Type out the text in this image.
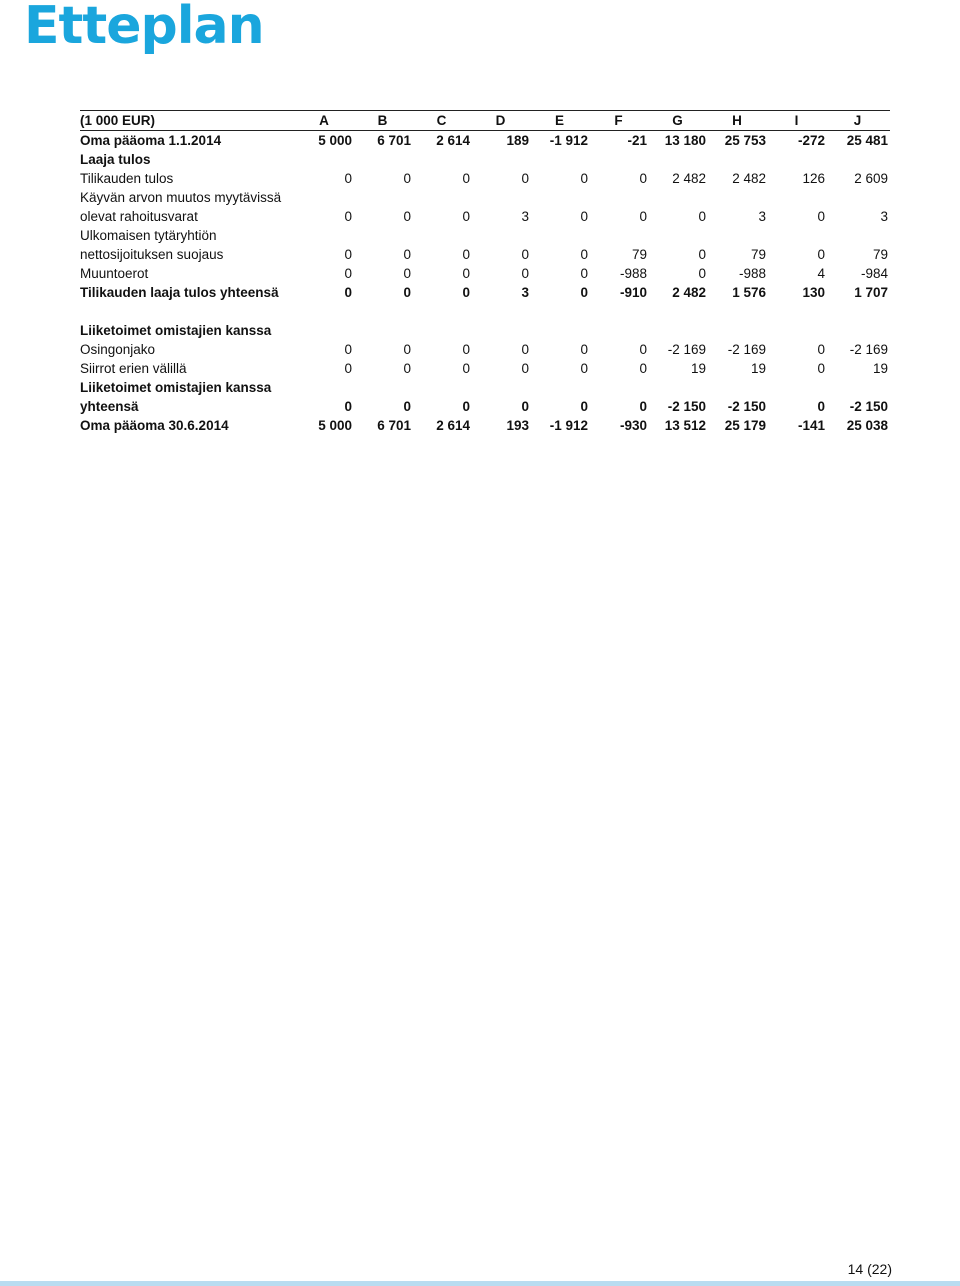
Etteplan
(1 000 EUR)	A	B	C	D	E	F	G	H	I	J
Oma pääoma 1.1.2014	5 000	6 701	2 614	189	-1 912	-21	13 180	25 753	-272	25 481
Laaja tulos										
Tilikauden tulos	0	0	0	0	0	0	2 482	2 482	126	2 609
Käyvän arvon muutos myytävissä										
olevat rahoitusvarat	0	0	0	3	0	0	0	3	0	3
Ulkomaisen tytäryhtiön										
nettosijoituksen suojaus	0	0	0	0	0	79	0	79	0	79
Muuntoerot	0	0	0	0	0	-988	0	-988	4	-984
Tilikauden laaja tulos yhteensä	0	0	0	3	0	-910	2 482	1 576	130	1 707

Liiketoimet omistajien kanssa										
Osingonjako	0	0	0	0	0	0	-2 169	-2 169	0	-2 169
Siirrot erien välillä	0	0	0	0	0	0	19	19	0	19
Liiketoimet omistajien kanssa										
yhteensä	0	0	0	0	0	0	-2 150	-2 150	0	-2 150
Oma pääoma 30.6.2014	5 000	6 701	2 614	193	-1 912	-930	13 512	25 179	-141	25 038
14 (22)
